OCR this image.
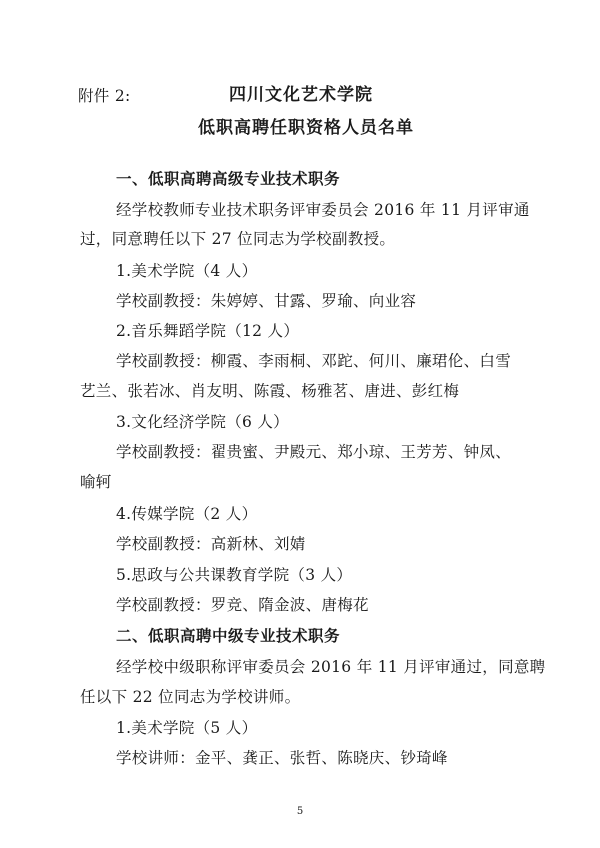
附件 2:	四川文化艺术学院
低职高聘任职资格人员名单
一、低职高聘高级专业技术职务
经学校教师专业技术职务评审委员会 2016 年 11 月评审通
过，同意聘任以下 27 位同志为学校副教授。
1.美术学院（4 人）
学校副教授：朱婷婷、甘露、罗瑜、向业容
2.音乐舞蹈学院（12 人）
学校副教授：柳霞、李雨桐、邓跎、何川、廉珺伦、白雪
艺兰、张若冰、肖友明、陈霞、杨雅茗、唐进、彭红梅
3.文化经济学院（6 人）
学校副教授：翟贵蜜、尹殿元、郑小琼、王芳芳、钟凤、
喻轲
4.传媒学院（2 人）
学校副教授：高新林、刘婧
5.思政与公共课教育学院（3 人）
学校副教授：罗竞、隋金波、唐梅花
二、低职高聘中级专业技术职务
经学校中级职称评审委员会 2016 年 11 月评审通过，同意聘
任以下 22 位同志为学校讲师。
1.美术学院（5 人）
学校讲师：金平、龚正、张哲、陈晓庆、钞琦峰
5
